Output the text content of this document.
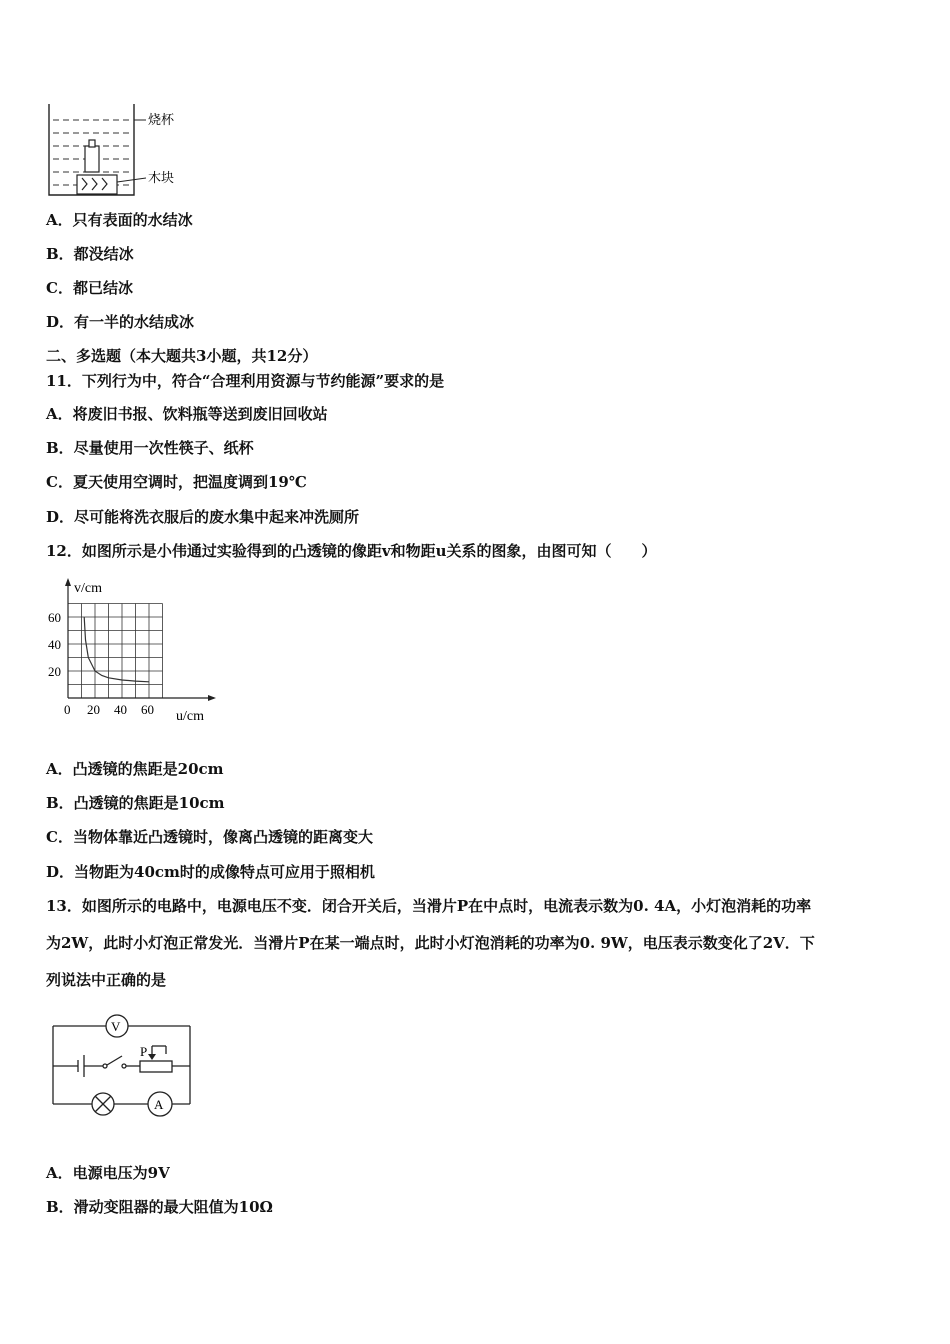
烧杯
木块
A．只有表面的水结冰
B．都没结冰
C．都已结冰
D．有一半的水结成冰
二、多选题（本大题共3小题，共12分）
11．下列行为中，符合“合理利用资源与节约能源”要求的是
A．将废旧书报、饮料瓶等送到废旧回收站
B．尽量使用一次性筷子、纸杯
C．夏天使用空调时，把温度调到19℃
D．尽可能将洗衣服后的废水集中起来冲洗厕所
12．如图所示是小伟通过实验得到的凸透镜的像距v和物距u关系的图象，由图可知（　　）
v/cm
u/cm
0 20 40 60
20
40
60
A．凸透镜的焦距是20cm
B．凸透镜的焦距是10cm
C．当物体靠近凸透镜时，像离凸透镜的距离变大
D．当物距为40cm时的成像特点可应用于照相机
13．如图所示的电路中，电源电压不变．闭合开关后，当滑片P在中点时，电流表示数为0. 4A，小灯泡消耗的功率
为2W，此时小灯泡正常发光．当滑片P在某一端点时，此时小灯泡消耗的功率为0. 9W，电压表示数变化了2V．下
列说法中正确的是
V
A
P
A．电源电压为9V
B．滑动变阻器的最大阻值为10Ω
